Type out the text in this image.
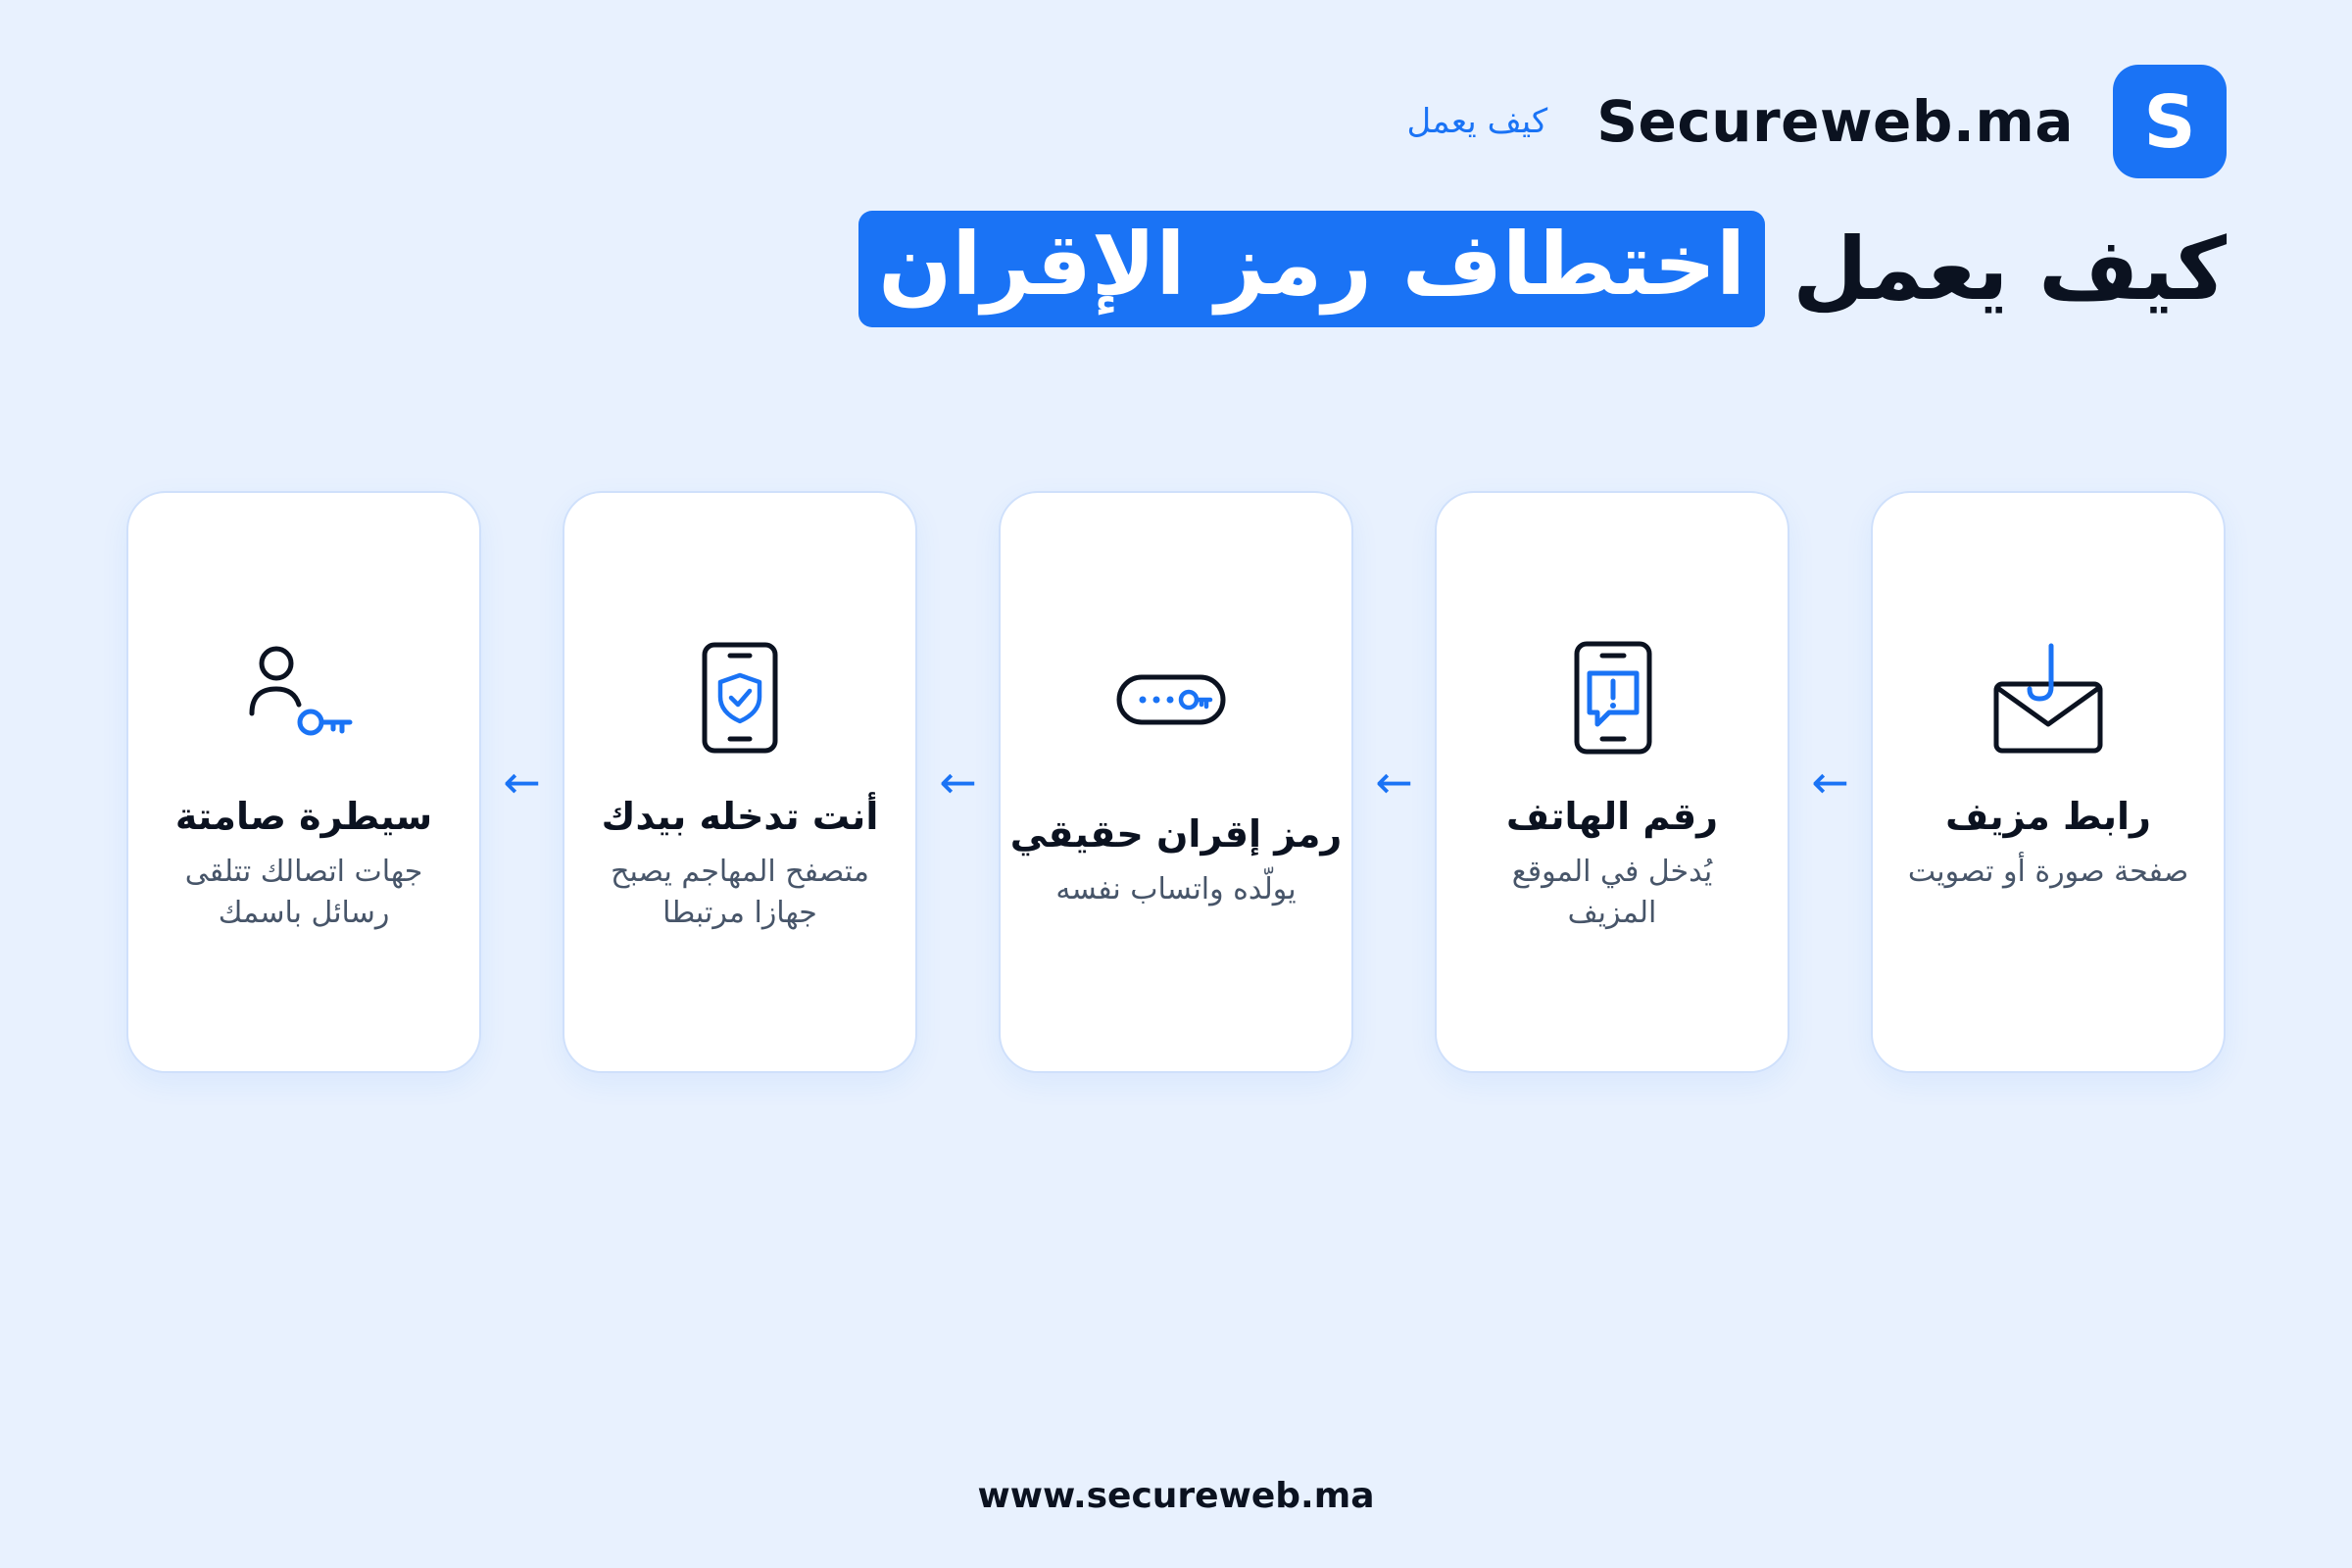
كيف يعمل Secureweb.ma S
كيف يعمل
اختطاف رمز الإقران
رابط مزيف
صفحة صورة أو تصويت
←
رقم الهاتف
يُدخل في الموقع المزيف
←
رمز إقران حقيقي
يولّده واتساب نفسه
←
أنت تدخله بيدك
متصفح المهاجم يصبح جهازا مرتبطا
←
سيطرة صامتة
جهات اتصالك تتلقى رسائل باسمك
www.secureweb.ma
